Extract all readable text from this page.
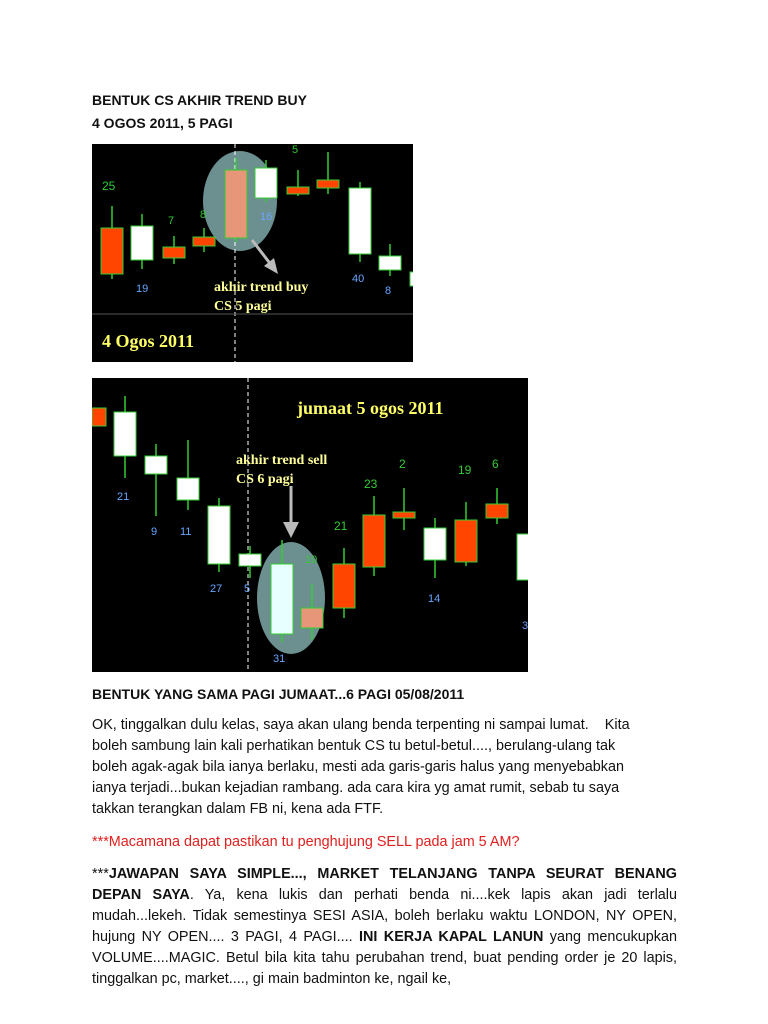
BENTUK CS AKHIR TREND BUY
4 OGOS 2011, 5 PAGI
25
19
7 8	16
5
40
8
akhir trend buy
CS 5 pagi
4 Ogos 2011
21
9 11
27 5
31
10
21
23
2	19 6
14
3
akhir trend sell
CS 6 pagi
jumaat 5 ogos 2011
BENTUK YANG SAMA PAGI JUMAAT...6 PAGI 05/08/2011
OK, tinggalkan dulu kelas, saya akan ulang benda terpenting ni sampai lumat.    Kita
boleh sambung lain kali perhatikan bentuk CS tu betul-betul...., berulang-ulang tak
boleh agak-agak bila ianya berlaku, mesti ada garis-garis halus yang menyebabkan
ianya terjadi...bukan kejadian rambang. ada cara kira yg amat rumit, sebab tu saya
takkan terangkan dalam FB ni, kena ada FTF.
***Macamana dapat pastikan tu penghujung SELL pada jam 5 AM?
***JAWAPAN SAYA SIMPLE..., MARKET TELANJANG TANPA SEURAT BENANG DEPAN SAYA. Ya, kena lukis dan perhati benda ni....kek lapis akan jadi terlalu mudah...lekeh. Tidak semestinya SESI ASIA, boleh berlaku waktu LONDON, NY OPEN, hujung NY OPEN.... 3 PAGI, 4 PAGI.... INI KERJA KAPAL LANUN yang mencukupkan VOLUME....MAGIC. Betul bila kita tahu perubahan trend, buat pending order je 20 lapis, tinggalkan pc, market...., gi main badminton ke, ngail ke,
